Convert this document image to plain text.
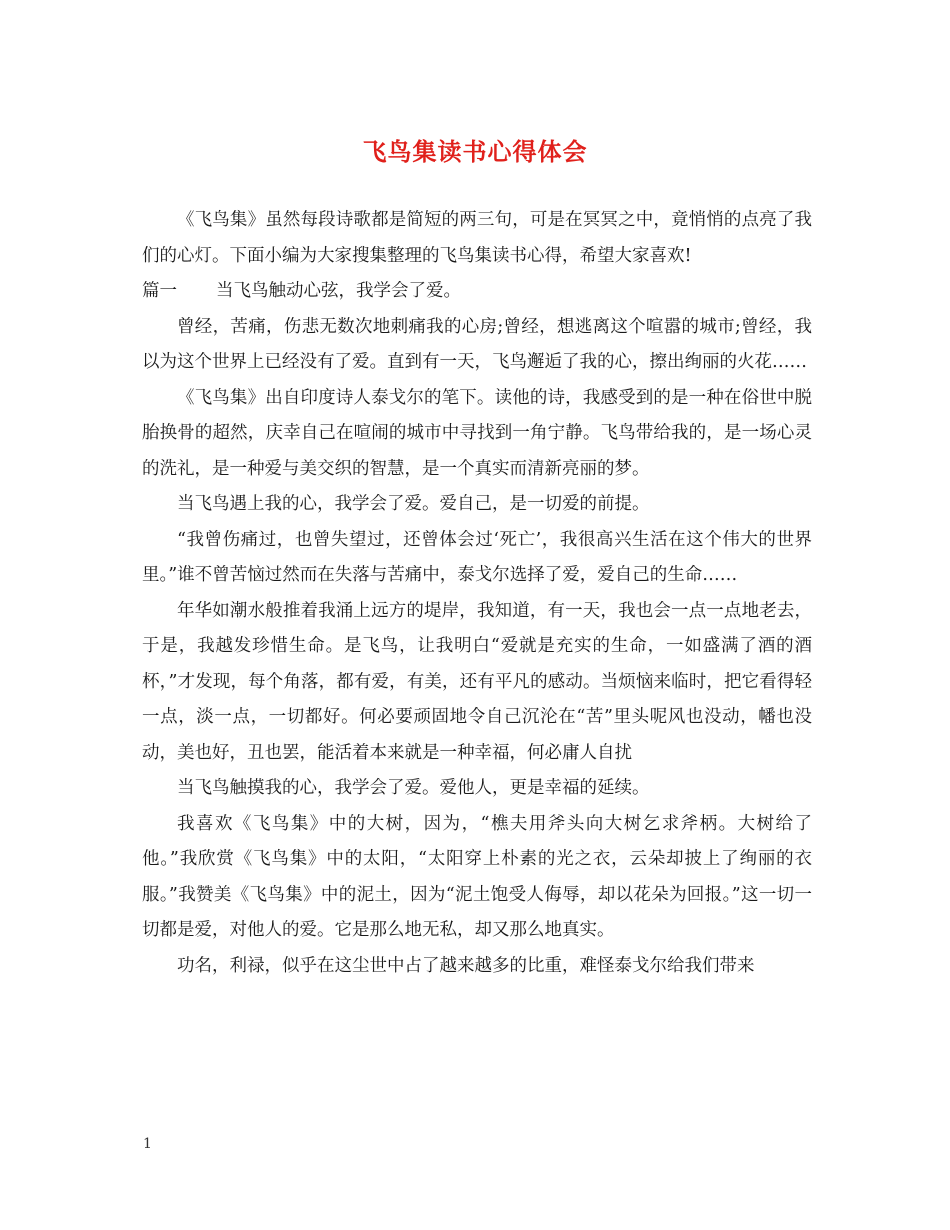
飞鸟集读书心得体会

《飞鸟集》虽然每段诗歌都是简短的两三句，可是在冥冥之中，竟悄悄的点亮了我们的心灯。下面小编为大家搜集整理的飞鸟集读书心得，希望大家喜欢!

篇一 当飞鸟触动心弦，我学会了爱。

曾经，苦痛，伤悲无数次地刺痛我的心房;曾经，想逃离这个喧嚣的城市;曾经，我以为这个世界上已经没有了爱。直到有一天，飞鸟邂逅了我的心，擦出绚丽的火花……

《飞鸟集》出自印度诗人泰戈尔的笔下。读他的诗，我感受到的是一种在俗世中脱胎换骨的超然，庆幸自己在喧闹的城市中寻找到一角宁静。飞鸟带给我的，是一场心灵的洗礼，是一种爱与美交织的智慧，是一个真实而清新亮丽的梦。

当飞鸟遇上我的心，我学会了爱。爱自己，是一切爱的前提。

“我曾伤痛过，也曾失望过，还曾体会过‘死亡’，我很高兴生活在这个伟大的世界里。”谁不曾苦恼过然而在失落与苦痛中，泰戈尔选择了爱，爱自己的生命……

年华如潮水般推着我涌上远方的堤岸，我知道，有一天，我也会一点一点地老去，于是，我越发珍惜生命。是飞鸟，让我明白“爱就是充实的生命，一如盛满了酒的酒杯，”才发现，每个角落，都有爱，有美，还有平凡的感动。当烦恼来临时，把它看得轻一点，淡一点，一切都好。何必要顽固地令自己沉沦在“苦”里头呢风也没动，幡也没动，美也好，丑也罢，能活着本来就是一种幸福，何必庸人自扰

当飞鸟触摸我的心，我学会了爱。爱他人，更是幸福的延续。

我喜欢《飞鸟集》中的大树，因为，“樵夫用斧头向大树乞求斧柄。大树给了他。”我欣赏《飞鸟集》中的太阳，“太阳穿上朴素的光之衣，云朵却披上了绚丽的衣服。”我赞美《飞鸟集》中的泥土，因为“泥土饱受人侮辱，却以花朵为回报。”这一切一切都是爱，对他人的爱。它是那么地无私，却又那么地真实。

功名，利禄，似乎在这尘世中占了越来越多的比重，难怪泰戈尔给我们带来

1
